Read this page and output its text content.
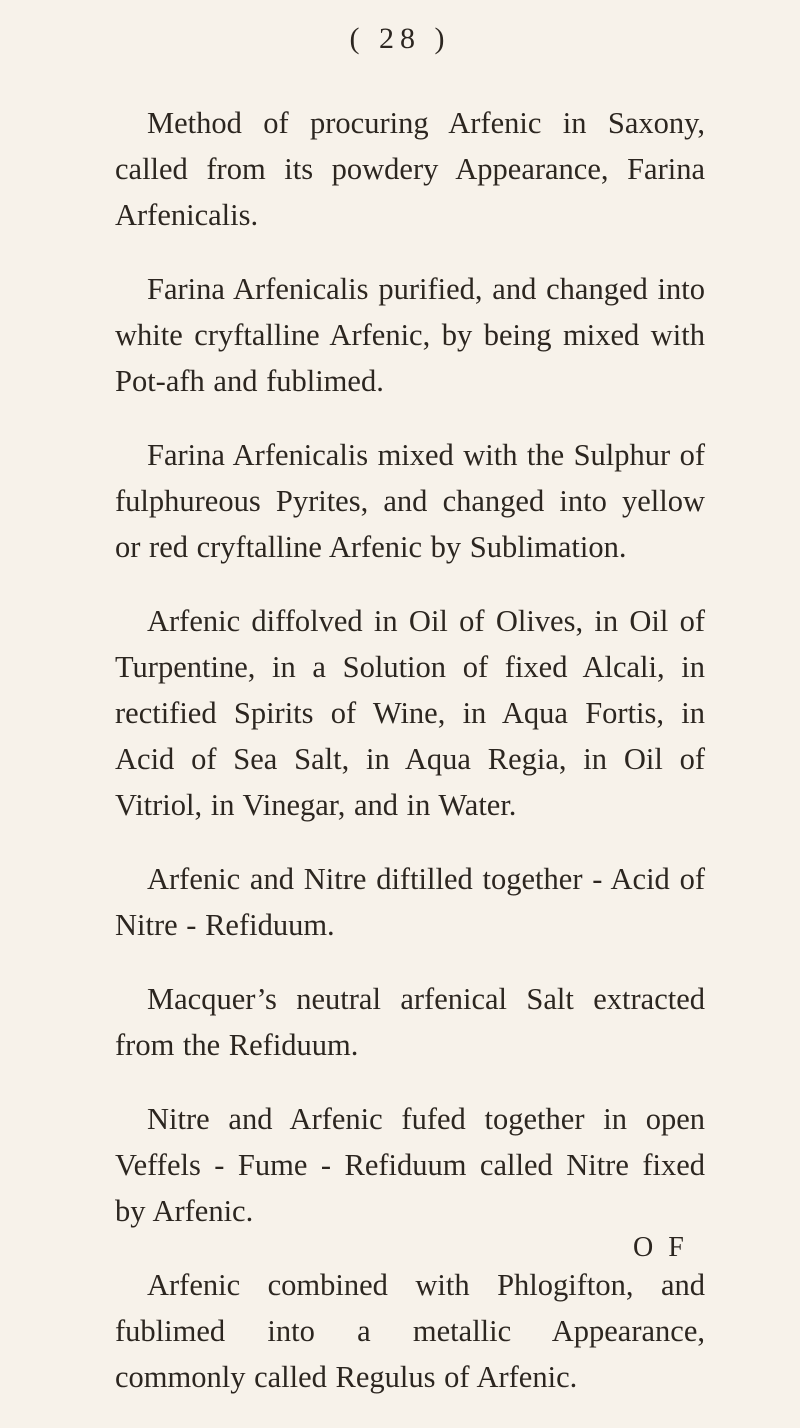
( 28 )

Method of procuring Arfenic in Saxony, called from its powdery Appearance, Farina Arfenicalis.

Farina Arfenicalis purified, and changed into white cryftalline Arfenic, by being mixed with Pot-afh and fublimed.

Farina Arfenicalis mixed with the Sulphur of fulphureous Pyrites, and changed into yellow or red cryftalline Arfenic by Sublimation.

Arfenic diffolved in Oil of Olives, in Oil of Turpentine, in a Solution of fixed Alcali, in rectified Spirits of Wine, in Aqua Fortis, in Acid of Sea Salt, in Aqua Regia, in Oil of Vitriol, in Vinegar, and in Water.

Arfenic and Nitre diftilled together - Acid of Nitre - Refiduum.

Macquer’s neutral arfenical Salt extracted from the Refiduum.

Nitre and Arfenic fufed together in open Veffels - Fume - Refiduum called Nitre fixed by Arfenic.

Arfenic combined with Phlogifton, and fublimed into a metallic Appearance, commonly called Regulus of Arfenic.

O F
